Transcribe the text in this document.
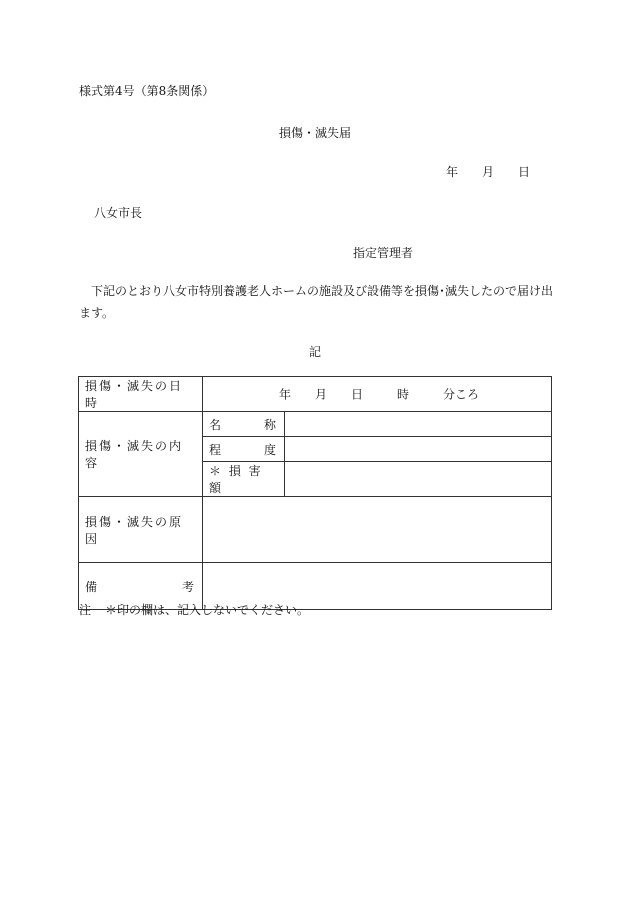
様式第4号（第8条関係）
損傷・滅失届
年 月 日
八女市長
指定管理者
下記のとおり八女市特別養護老人ホームの施設及び設備等を損傷･滅失したので届け出ます。
記
損傷・滅失の日時	年 月 日 時 分ころ	

損傷・滅失の内容	名 称	

	程 度	

	＊ 損 害 額	
損傷・滅失の原因		

備 考		

注 ＊印の欄は、記入しないでください。
